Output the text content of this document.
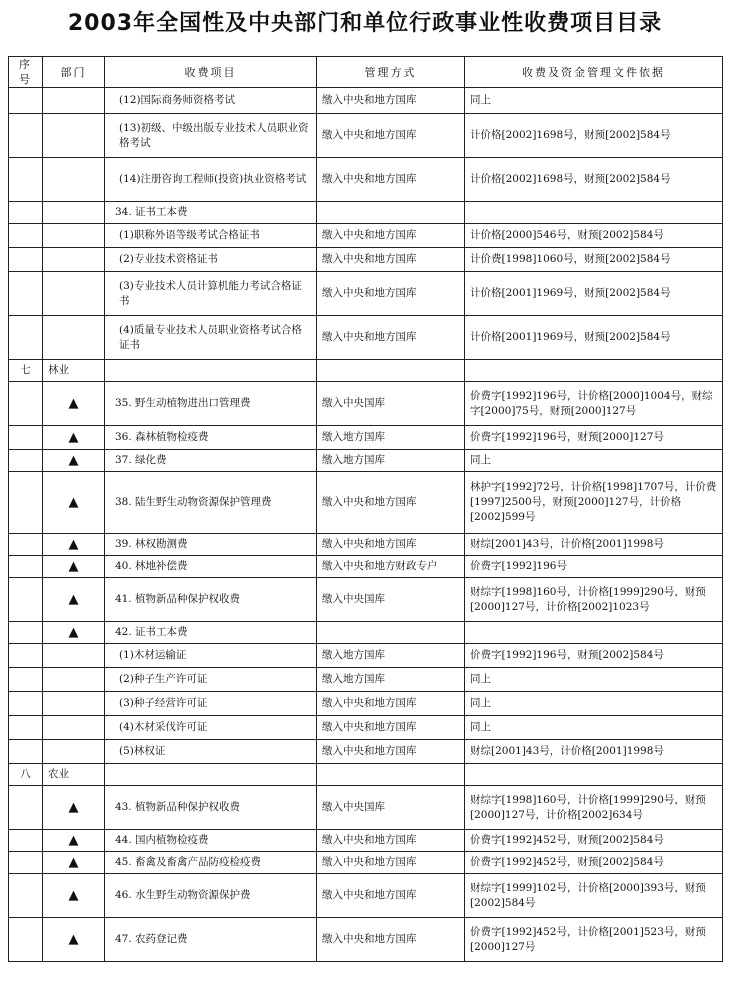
2003年全国性及中央部门和单位行政事业性收费项目目录
序号	部门	收费项目	管理方式	收费及资金管理文件依据
		(12)国际商务师资格考试	缴入中央和地方国库	同上
		(13)初级、中级出版专业技术人员职业资格考试	缴入中央和地方国库	计价格[2002]1698号，财预[2002]584号
		(14)注册咨询工程师(投资)执业资格考试	缴入中央和地方国库	计价格[2002]1698号，财预[2002]584号
		34. 证书工本费		
		(1)职称外语等级考试合格证书	缴入中央和地方国库	计价格[2000]546号，财预[2002]584号
		(2)专业技术资格证书	缴入中央和地方国库	计价费[1998]1060号，财预[2002]584号
		(3)专业技术人员计算机能力考试合格证书	缴入中央和地方国库	计价格[2001]1969号，财预[2002]584号
		(4)质量专业技术人员职业资格考试合格证书	缴入中央和地方国库	计价格[2001]1969号，财预[2002]584号
七	林业			
	▲	35. 野生动植物进出口管理费	缴入中央国库	价费字[1992]196号，计价格[2000]1004号，财综字[2000]75号，财预[2000]127号
	▲	36. 森林植物检疫费	缴入地方国库	价费字[1992]196号，财预[2000]127号
	▲	37. 绿化费	缴入地方国库	同上
	▲	38. 陆生野生动物资源保护管理费	缴入中央和地方国库	林护字[1992]72号，计价格[1998]1707号，计价费[1997]2500号，财预[2000]127号，计价格[2002]599号
	▲	39. 林权勘测费	缴入中央和地方国库	财综[2001]43号，计价格[2001]1998号
	▲	40. 林地补偿费	缴入中央和地方财政专户	价费字[1992]196号
	▲	41. 植物新品种保护权收费	缴入中央国库	财综字[1998]160号，计价格[1999]290号，财预[2000]127号，计价格[2002]1023号
	▲	42. 证书工本费		
		(1)木材运输证	缴入地方国库	价费字[1992]196号，财预[2002]584号
		(2)种子生产许可证	缴入地方国库	同上
		(3)种子经营许可证	缴入中央和地方国库	同上
		(4)木材采伐许可证	缴入中央和地方国库	同上
		(5)林权证	缴入中央和地方国库	财综[2001]43号，计价格[2001]1998号
八	农业			
	▲	43. 植物新品种保护权收费	缴入中央国库	财综字[1998]160号，计价格[1999]290号，财预[2000]127号，计价格[2002]634号
	▲	44. 国内植物检疫费	缴入中央和地方国库	价费字[1992]452号，财预[2002]584号
	▲	45. 畜禽及畜禽产品防疫检疫费	缴入中央和地方国库	价费字[1992]452号，财预[2002]584号
	▲	46. 水生野生动物资源保护费	缴入中央和地方国库	财综字[1999]102号，计价格[2000]393号，财预[2002]584号
	▲	47. 农药登记费	缴入中央和地方国库	价费字[1992]452号，计价格[2001]523号，财预[2000]127号
